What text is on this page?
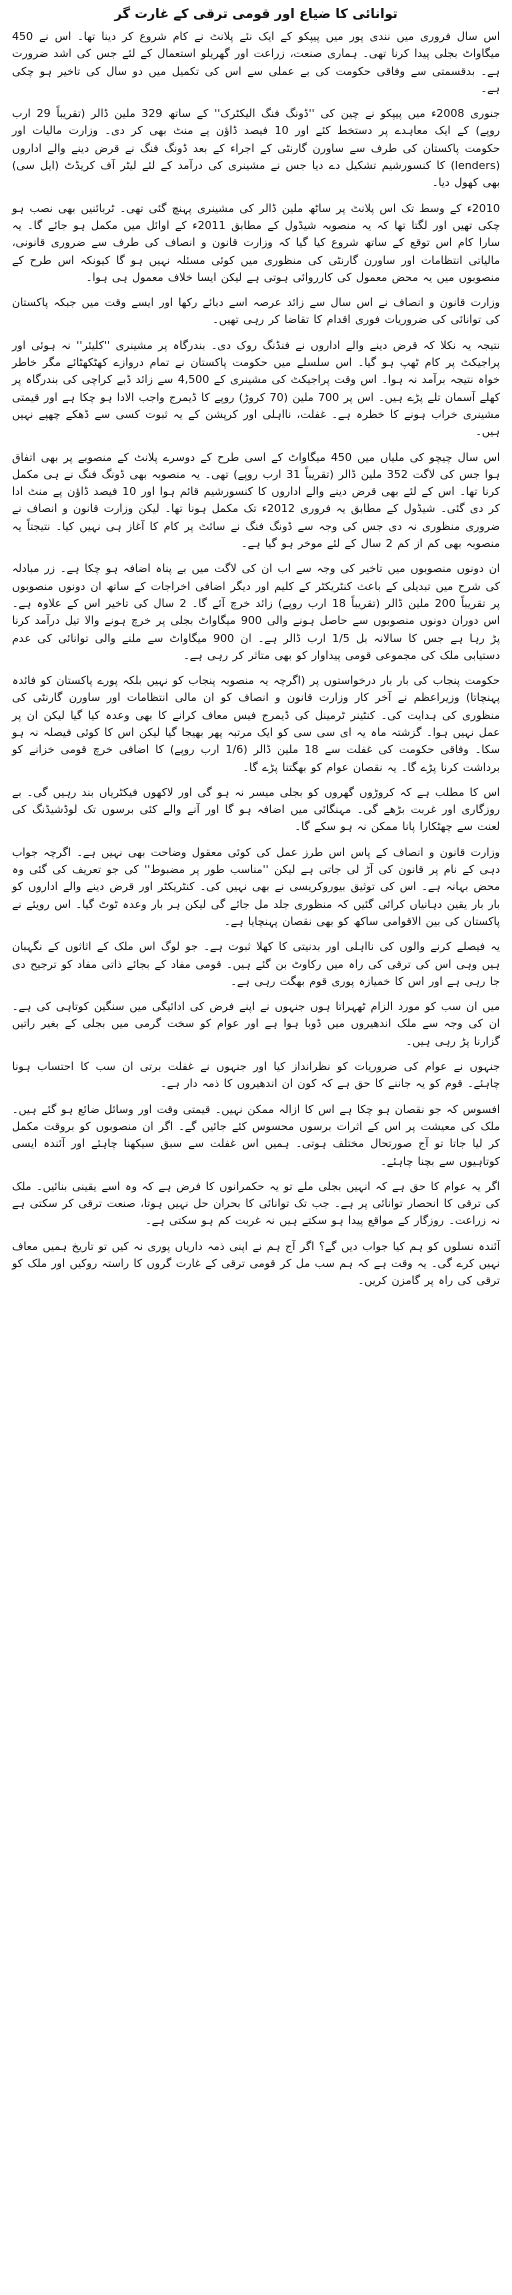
توانائی کا ضیاع اور قومی ترقی کے غارت گر

اس سال فروری میں نندی پور میں پیپکو کے ایک نئے پلانٹ نے کام شروع کر دینا تھا۔ اس نے 450 میگاواٹ بجلی پیدا کرنا تھی۔ ہماری صنعت، زراعت اور گھریلو استعمال کے لئے جس کی اشد ضرورت ہے۔ بدقسمتی سے وفاقی حکومت کی بے عملی سے اس کی تکمیل میں دو سال کی تاخیر ہو چکی ہے۔

جنوری 2008ء میں پیپکو نے چین کی ''ڈونگ فنگ الیکٹرک'' کے ساتھ 329 ملین ڈالر (تقریباً 29 ارب روپے) کے ایک معاہدے پر دستخط کئے اور 10 فیصد ڈاؤن پے منٹ بھی کر دی۔ وزارت مالیات اور حکومت پاکستان کی طرف سے ساورن گارنٹی کے اجراء کے بعد ڈونگ فنگ نے قرض دینے والے اداروں (lenders) کا کنسورشیم تشکیل دے دیا جس نے مشینری کی درآمد کے لئے لیٹر آف کریڈٹ (ایل سی) بھی کھول دیا۔

2010ء کے وسط تک اس پلانٹ پر ساٹھ ملین ڈالر کی مشینری پہنچ گئی تھی۔ ٹربائنیں بھی نصب ہو چکی تھیں اور لگتا تھا کہ یہ منصوبہ شیڈول کے مطابق 2011ء کے اوائل میں مکمل ہو جائے گا۔ یہ سارا کام اس توقع کے ساتھ شروع کیا گیا کہ وزارت قانون و انصاف کی طرف سے ضروری قانونی، مالیاتی انتظامات اور ساورن گارنٹی کی منظوری میں کوئی مسئلہ نہیں ہو گا کیونکہ اس طرح کے منصوبوں میں یہ محض معمول کی کارروائی ہوتی ہے لیکن ایسا خلاف معمول ہی ہوا۔

وزارت قانون و انصاف نے اس سال سے زائد عرصہ اسے دبائے رکھا اور ایسے وقت میں جبکہ پاکستان کی توانائی کی ضروریات فوری اقدام کا تقاضا کر رہی تھیں۔

نتیجہ یہ نکلا کہ قرض دینے والے اداروں نے فنڈنگ روک دی۔ بندرگاہ پر مشینری ''کلیئر'' نہ ہوئی اور پراجیکٹ پر کام ٹھپ ہو گیا۔ اس سلسلے میں حکومت پاکستان نے تمام دروازے کھٹکھٹائے مگر خاطر خواہ نتیجہ برآمد نہ ہوا۔ اس وقت پراجیکٹ کی مشینری کے 4,500 سے زائد ڈبے کراچی کی بندرگاہ پر کھلے آسمان تلے پڑے ہیں۔ اس پر 700 ملین (70 کروڑ) روپے کا ڈیمرج واجب الادا ہو چکا ہے اور قیمتی مشینری خراب ہونے کا خطرہ ہے۔ غفلت، نااہلی اور کرپشن کے یہ ثبوت کسی سے ڈھکے چھپے نہیں ہیں۔

اس سال چیچو کی ملیاں میں 450 میگاواٹ کے اسی طرح کے دوسرے پلانٹ کے منصوبے پر بھی اتفاق ہوا جس کی لاگت 352 ملین ڈالر (تقریباً 31 ارب روپے) تھی۔ یہ منصوبہ بھی ڈونگ فنگ نے ہی مکمل کرنا تھا۔ اس کے لئے بھی قرض دینے والے اداروں کا کنسورشیم قائم ہوا اور 10 فیصد ڈاؤن پے منٹ ادا کر دی گئی۔ شیڈول کے مطابق یہ فروری 2012ء تک مکمل ہونا تھا۔ لیکن وزارت قانون و انصاف نے ضروری منظوری نہ دی جس کی وجہ سے ڈونگ فنگ نے سائٹ پر کام کا آغاز ہی نہیں کیا۔ نتیجتاً یہ منصوبہ بھی کم از کم 2 سال کے لئے موخر ہو گیا ہے۔

ان دونوں منصوبوں میں تاخیر کی وجہ سے اب ان کی لاگت میں بے پناہ اضافہ ہو چکا ہے۔ زر مبادلہ کی شرح میں تبدیلی کے باعث کنٹریکٹر کے کلیم اور دیگر اضافی اخراجات کے ساتھ ان دونوں منصوبوں پر تقریباً 200 ملین ڈالر (تقریباً 18 ارب روپے) زائد خرچ آئے گا۔ 2 سال کی تاخیر اس کے علاوہ ہے۔ اس دوران دونوں منصوبوں سے حاصل ہونے والی 900 میگاواٹ بجلی پر خرچ ہونے والا تیل درآمد کرنا پڑ رہا ہے جس کا سالانہ بل 1/5 ارب ڈالر ہے۔ ان 900 میگاواٹ سے ملنے والی توانائی کی عدم دستیابی ملک کی مجموعی قومی پیداوار کو بھی متاثر کر رہی ہے۔

حکومت پنجاب کی بار بار درخواستوں پر (اگرچہ یہ منصوبہ پنجاب کو نہیں بلکہ پورے پاکستان کو فائدہ پہنچاتا) وزیراعظم نے آخر کار وزارت قانون و انصاف کو ان مالی انتظامات اور ساورن گارنٹی کی منظوری کی ہدایت کی۔ کنٹینر ٹرمینل کی ڈیمرج فیس معاف کرانے کا بھی وعدہ کیا گیا لیکن ان پر عمل نہیں ہوا۔ گزشتہ ماہ یہ ای سی سی کو ایک مرتبہ پھر بھیجا گیا لیکن اس کا کوئی فیصلہ نہ ہو سکا۔ وفاقی حکومت کی غفلت سے 18 ملین ڈالر (1/6 ارب روپے) کا اضافی خرچ قومی خزانے کو برداشت کرنا پڑے گا۔ یہ نقصان عوام کو بھگتنا پڑے گا۔

اس کا مطلب ہے کہ کروڑوں گھروں کو بجلی میسر نہ ہو گی اور لاکھوں فیکٹریاں بند رہیں گی۔ بے روزگاری اور غربت بڑھے گی۔ مہنگائی میں اضافہ ہو گا اور آنے والے کئی برسوں تک لوڈشیڈنگ کی لعنت سے چھٹکارا پانا ممکن نہ ہو سکے گا۔

وزارت قانون و انصاف کے پاس اس طرز عمل کی کوئی معقول وضاحت بھی نہیں ہے۔ اگرچہ جواب دہی کے نام پر قانون کی آڑ لی جاتی ہے لیکن ''مناسب طور پر مضبوط'' کی جو تعریف کی گئی وہ محض بہانہ ہے۔ اس کی توثیق بیوروکریسی نے بھی نہیں کی۔ کنٹریکٹر اور قرض دینے والے اداروں کو بار بار یقین دہانیاں کرائی گئیں کہ منظوری جلد مل جائے گی لیکن ہر بار وعدہ ٹوٹ گیا۔ اس رویئے نے پاکستان کی بین الاقوامی ساکھ کو بھی نقصان پہنچایا ہے۔

یہ فیصلے کرنے والوں کی نااہلی اور بدنیتی کا کھلا ثبوت ہے۔ جو لوگ اس ملک کے اثاثوں کے نگہبان ہیں وہی اس کی ترقی کی راہ میں رکاوٹ بن گئے ہیں۔ قومی مفاد کے بجائے ذاتی مفاد کو ترجیح دی جا رہی ہے اور اس کا خمیازہ پوری قوم بھگت رہی ہے۔

میں ان سب کو مورد الزام ٹھہراتا ہوں جنہوں نے اپنے فرض کی ادائیگی میں سنگین کوتاہی کی ہے۔ ان کی وجہ سے ملک اندھیروں میں ڈوبا ہوا ہے اور عوام کو سخت گرمی میں بجلی کے بغیر راتیں گزارنا پڑ رہی ہیں۔

جنہوں نے عوام کی ضروریات کو نظرانداز کیا اور جنہوں نے غفلت برتی ان سب کا احتساب ہونا چاہئے۔ قوم کو یہ جاننے کا حق ہے کہ کون ان اندھیروں کا ذمہ دار ہے۔

افسوس کہ جو نقصان ہو چکا ہے اس کا ازالہ ممکن نہیں۔ قیمتی وقت اور وسائل ضائع ہو گئے ہیں۔ ملک کی معیشت پر اس کے اثرات برسوں محسوس کئے جائیں گے۔ اگر ان منصوبوں کو بروقت مکمل کر لیا جاتا تو آج صورتحال مختلف ہوتی۔ ہمیں اس غفلت سے سبق سیکھنا چاہئے اور آئندہ ایسی کوتاہیوں سے بچنا چاہئے۔

اگر یہ عوام کا حق ہے کہ انہیں بجلی ملے تو یہ حکمرانوں کا فرض ہے کہ وہ اسے یقینی بنائیں۔ ملک کی ترقی کا انحصار توانائی پر ہے۔ جب تک توانائی کا بحران حل نہیں ہوتا، صنعت ترقی کر سکتی ہے نہ زراعت۔ روزگار کے مواقع پیدا ہو سکتے ہیں نہ غربت کم ہو سکتی ہے۔

آئندہ نسلوں کو ہم کیا جواب دیں گے؟ اگر آج ہم نے اپنی ذمہ داریاں پوری نہ کیں تو تاریخ ہمیں معاف نہیں کرے گی۔ یہ وقت ہے کہ ہم سب مل کر قومی ترقی کے غارت گروں کا راستہ روکیں اور ملک کو ترقی کی راہ پر گامزن کریں۔
